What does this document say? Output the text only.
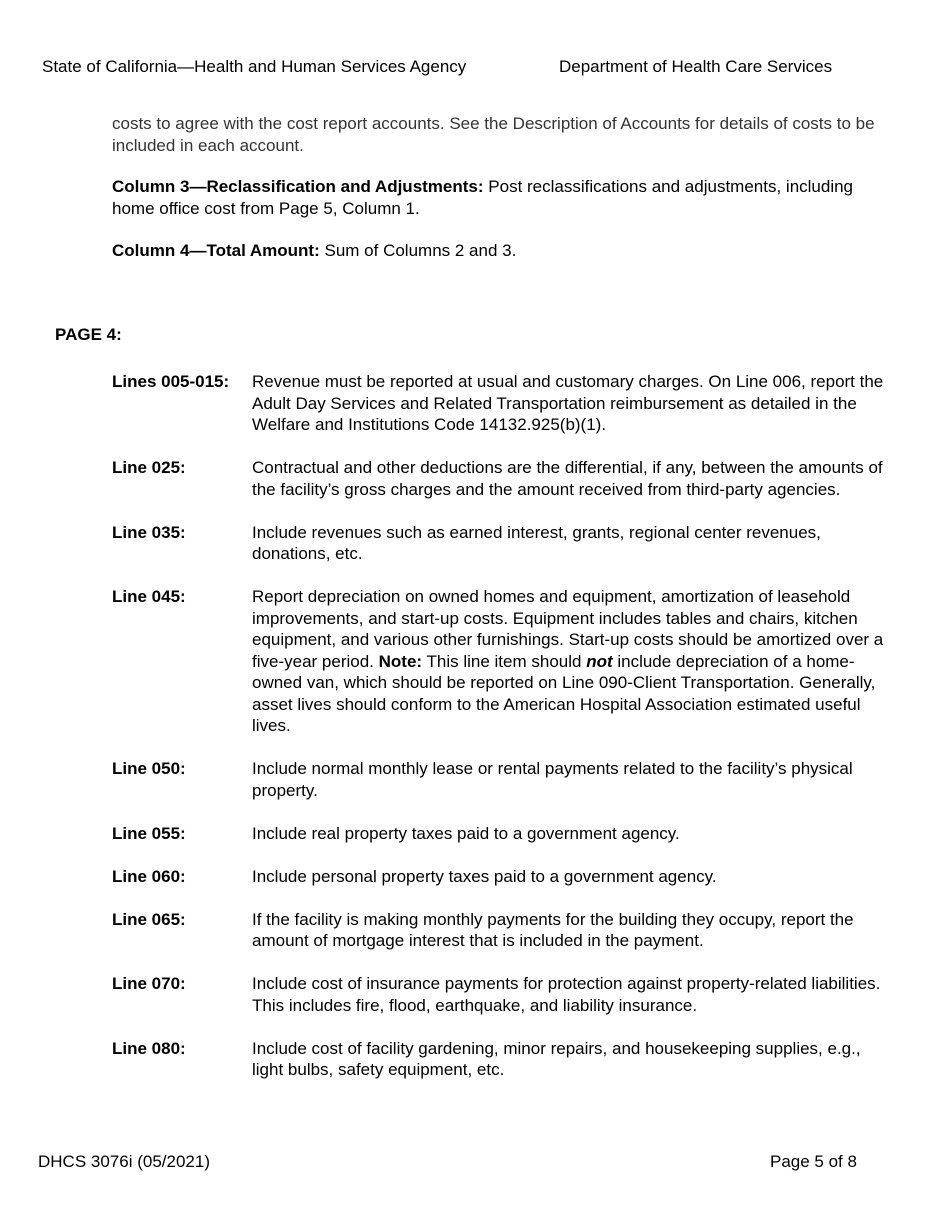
State of California—Health and Human Services Agency	Department of Health Care Services
costs to agree with the cost report accounts. See the Description of Accounts for details of costs to be included in each account.
Column 3—Reclassification and Adjustments: Post reclassifications and adjustments, including home office cost from Page 5, Column 1.
Column 4—Total Amount: Sum of Columns 2 and 3.
PAGE 4:
Lines 005-015:	Revenue must be reported at usual and customary charges. On Line 006, report the Adult Day Services and Related Transportation reimbursement as detailed in the Welfare and Institutions Code 14132.925(b)(1).
Line 025:	Contractual and other deductions are the differential, if any, between the amounts of the facility’s gross charges and the amount received from third-party agencies.
Line 035:	Include revenues such as earned interest, grants, regional center revenues, donations, etc.
Line 045:	Report depreciation on owned homes and equipment, amortization of leasehold improvements, and start-up costs. Equipment includes tables and chairs, kitchen equipment, and various other furnishings. Start-up costs should be amortized over a five-year period. Note: This line item should not include depreciation of a home-owned van, which should be reported on Line 090-Client Transportation. Generally, asset lives should conform to the American Hospital Association estimated useful lives.
Line 050:	Include normal monthly lease or rental payments related to the facility’s physical property.
Line 055:	Include real property taxes paid to a government agency.
Line 060:	Include personal property taxes paid to a government agency.
Line 065:	If the facility is making monthly payments for the building they occupy, report the amount of mortgage interest that is included in the payment.
Line 070:	Include cost of insurance payments for protection against property-related liabilities. This includes fire, flood, earthquake, and liability insurance.
Line 080:	Include cost of facility gardening, minor repairs, and housekeeping supplies, e.g., light bulbs, safety equipment, etc.
DHCS 3076i (05/2021)	Page 5 of 8
